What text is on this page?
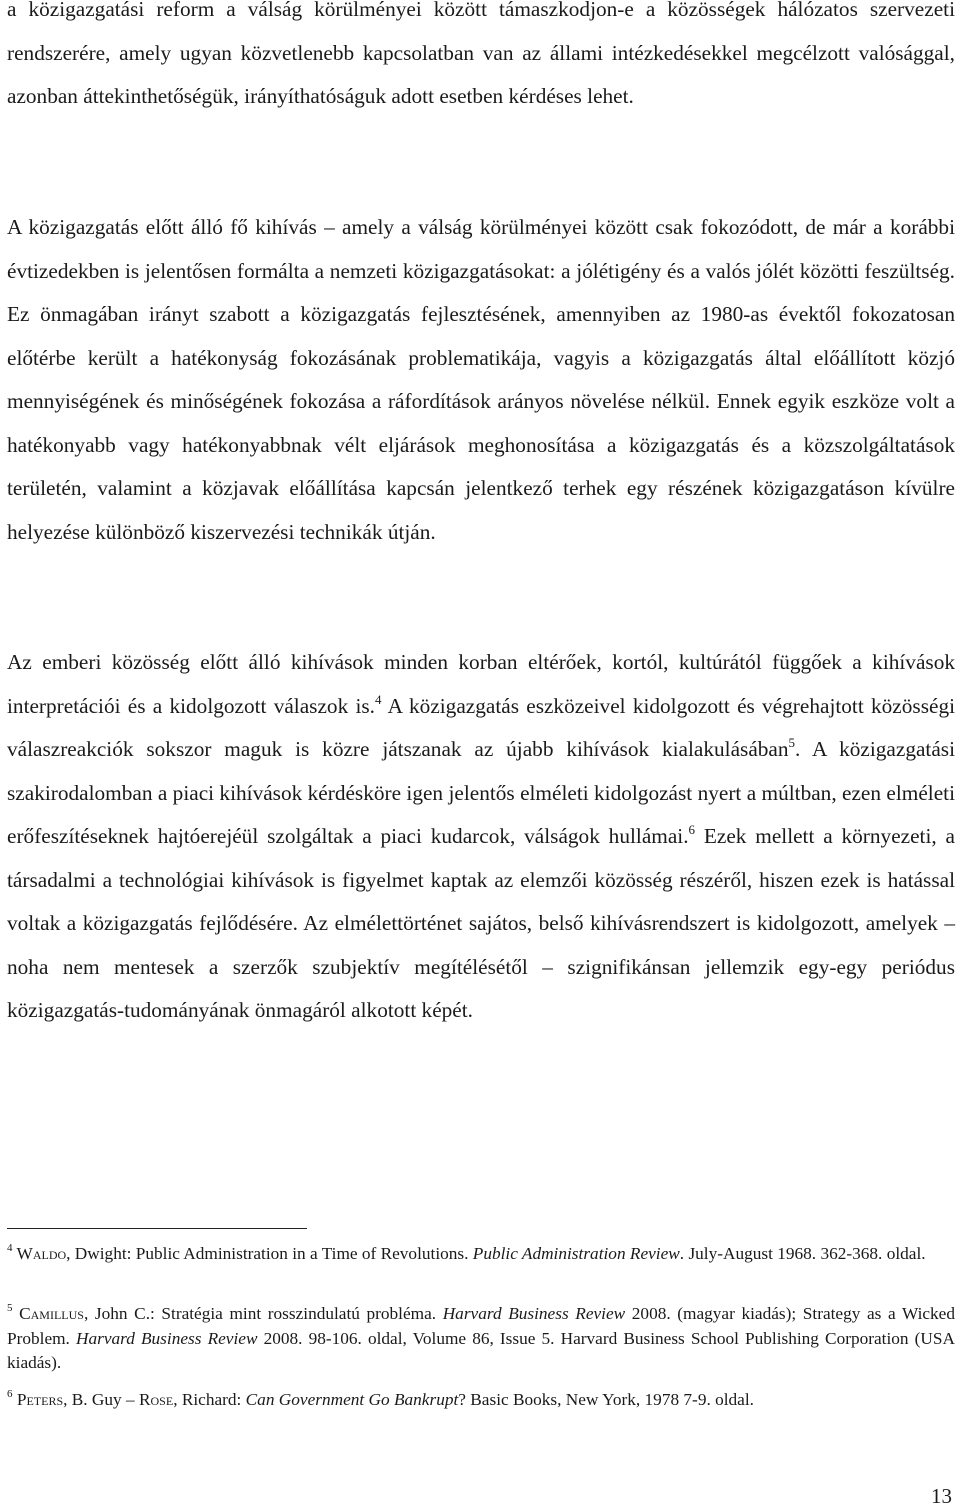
a közigazgatási reform a válság körülményei között támaszkodjon-e a közösségek hálózatos szervezeti rendszerére, amely ugyan közvetlenebb kapcsolatban van az állami intézkedésekkel megcélzott valósággal, azonban áttekinthetőségük, irányíthatóságuk adott esetben kérdéses lehet.

A közigazgatás előtt álló fő kihívás – amely a válság körülményei között csak fokozódott, de már a korábbi évtizedekben is jelentősen formálta a nemzeti közigazgatásokat: a jólétigény és a valós jólét közötti feszültség. Ez önmagában irányt szabott a közigazgatás fejlesztésének, amennyiben az 1980-as évektől fokozatosan előtérbe került a hatékonyság fokozásának problematikája, vagyis a közigazgatás által előállított közjó mennyiségének és minőségének fokozása a ráfordítások arányos növelése nélkül. Ennek egyik eszköze volt a hatékonyabb vagy hatékonyabbnak vélt eljárások meghonosítása a közigazgatás és a közszolgáltatások területén, valamint a közjavak előállítása kapcsán jelentkező terhek egy részének közigazgatáson kívülre helyezése különböző kiszervezési technikák útján.

Az emberi közösség előtt álló kihívások minden korban eltérőek, kortól, kultúrától függőek a kihívások interpretációi és a kidolgozott válaszok is.$^4$ A közigazgatás eszközeivel kidolgozott és végrehajtott közösségi válaszreakciók sokszor maguk is közre játszanak az újabb kihívások kialakulásában$^5$. A közigazgatási szakirodalomban a piaci kihívások kérdésköre igen jelentős elméleti kidolgozást nyert a múltban, ezen elméleti erőfeszítéseknek hajtóerejéül szolgáltak a piaci kudarcok, válságok hullámai.$^6$ Ezek mellett a környezeti, a társadalmi a technológiai kihívások is figyelmet kaptak az elemzői közösség részéről, hiszen ezek is hatással voltak a közigazgatás fejlődésére. Az elmélettörténet sajátos, belső kihívásrendszert is kidolgozott, amelyek – noha nem mentesek a szerzők szubjektív megítélésétől – szignifikánsan jellemzik egy-egy periódus közigazgatás-tudományának önmagáról alkotott képét.

$^4$ Waldo, Dwight: Public Administration in a Time of Revolutions. Public Administration Review. July-August 1968. 362-368. oldal.

$^5$ Camillus, John C.: Stratégia mint rosszindulatú probléma. Harvard Business Review 2008. (magyar kiadás); Strategy as a Wicked Problem. Harvard Business Review 2008. 98-106. oldal, Volume 86, Issue 5. Harvard Business School Publishing Corporation (USA kiadás).

$^6$ Peters, B. Guy – Rose, Richard: Can Government Go Bankrupt? Basic Books, New York, 1978 7-9. oldal.

13
